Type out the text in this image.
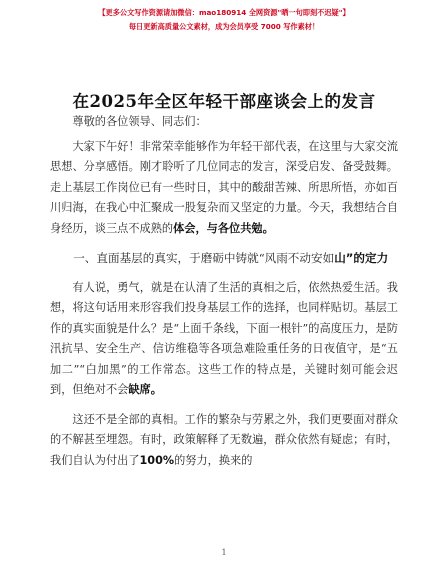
【更多公文写作资源请加微信：mao180914 全网资源"晒一句即刻不迟疑"】
每日更新高质量公文素材，成为会员享受 7000 写作素材！
在2025年全区年轻干部座谈会上的发言

尊敬的各位领导、同志们：

大家下午好！非常荣幸能够作为年轻干部代表，在这里与大家交流思想、分享感悟。刚才聆听了几位同志的发言，深受启发、备受鼓舞。走上基层工作岗位已有一些时日，其中的酸甜苦辣、所思所悟，亦如百川归海，在我心中汇聚成一股复杂而又坚定的力量。今天，我想结合自身经历，谈三点不成熟的体会，与各位共勉。

一、直面基层的真实，于磨砺中铸就“风雨不动安如山”的定力

有人说，勇气，就是在认清了生活的真相之后，依然热爱生活。我想，将这句话用来形容我们投身基层工作的选择，也同样贴切。基层工作的真实面貌是什么？是“上面千条线，下面一根针”的高度压力，是防汛抗旱、安全生产、信访维稳等各项急难险重任务的日夜值守，是“五加二”“白加黑”的工作常态。这些工作的特点是，关键时刻可能会迟到，但绝对不会缺席。

这还不是全部的真相。工作的繁杂与劳累之外，我们更要面对群众的不解甚至埋怨。有时，政策解释了无数遍，群众依然有疑虑；有时，我们自认为付出了100%的努力，换来的

1
